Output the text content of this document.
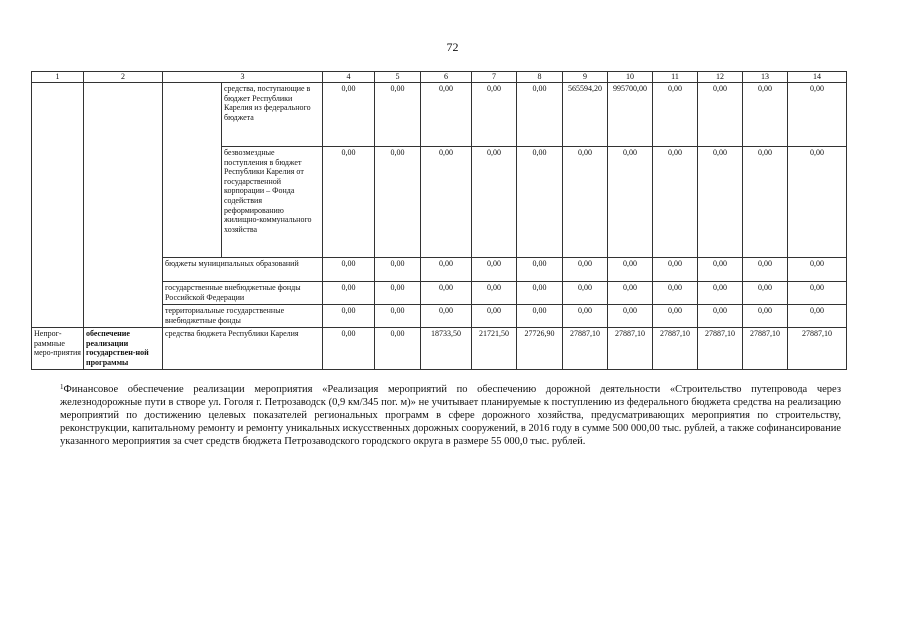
72
1	2	3		4	5	6	7	8	9	10	11	12	13	14
			средства, поступающие в бюджет Республики Карелия из федерального бюджета	0,00	0,00	0,00	0,00	0,00	565594,20	995700,00	0,00	0,00	0,00	0,00
			безвозмездные поступления в бюджет Республики Карелия от государственной корпорации – Фонда содействия реформированию жилищно-коммунального хозяйства	0,00	0,00	0,00	0,00	0,00	0,00	0,00	0,00	0,00	0,00	0,00
		бюджеты муниципальных образований		0,00	0,00	0,00	0,00	0,00	0,00	0,00	0,00	0,00	0,00	0,00
		государственные внебюджетные фонды Российской Федерации		0,00	0,00	0,00	0,00	0,00	0,00	0,00	0,00	0,00	0,00	0,00
		территориальные государственные внебюджетные фонды		0,00	0,00	0,00	0,00	0,00	0,00	0,00	0,00	0,00	0,00	0,00
Непрог-раммные меро-приятия	обеспечение реализации государствен-ной программы	средства бюджета Республики Карелия		0,00	0,00	18733,50	21721,50	27726,90	27887,10	27887,10	27887,10	27887,10	27887,10	27887,10
$^1$Финансовое обеспечение реализации мероприятия «Реализация мероприятий по обеспечению дорожной деятельности «Строительство путепровода через железнодорожные пути в створе ул. Гоголя г. Петрозаводск (0,9 км/345 пог. м)» не учитывает планируемые к поступлению из федерального бюджета средства на реализацию мероприятий по достижению целевых показателей региональных программ в сфере дорожного хозяйства, предусматривающих мероприятия по строительству, реконструкции, капитальному ремонту и ремонту уникальных искусственных дорожных сооружений, в 2016 году в сумме 500 000,00 тыс. рублей, а также софинансирование указанного мероприятия за счет средств бюджета Петрозаводского городского округа в размере 55 000,0 тыс. рублей.
